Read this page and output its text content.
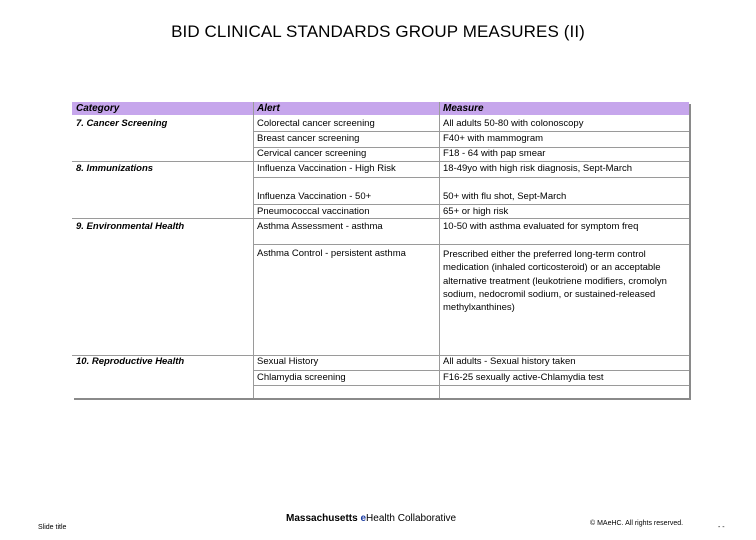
BID CLINICAL STANDARDS GROUP MEASURES (II)
Category	Alert	Measure
7. Cancer Screening	Colorectal cancer screening	All adults 50-80 with colonoscopy
Breast cancer screening	F40+ with mammogram
Cervical cancer screening	F18 - 64 with pap smear
8. Immunizations	Influenza Vaccination - High Risk	18-49yo with high risk diagnosis, Sept-March
Influenza Vaccination - 50+	50+ with flu shot, Sept-March
Pneumococcal vaccination	65+ or high risk
9. Environmental Health	Asthma Assessment - asthma	10-50 with asthma evaluated for symptom freq
Asthma Control - persistent asthma	Prescribed either the preferred long-term control medication (inhaled corticosteroid) or an acceptable alternative treatment (leukotriene modifiers, cromolyn sodium, nedocromil sodium, or sustained-released methylxanthines)
10. Reproductive Health	Sexual History	All adults - Sexual history taken
Chlamydia screening	F16-25 sexually active-Chlamydia test
Slide title
Massachusetts eHealth Collaborative	© MAeHC. All rights reserved.
- -
